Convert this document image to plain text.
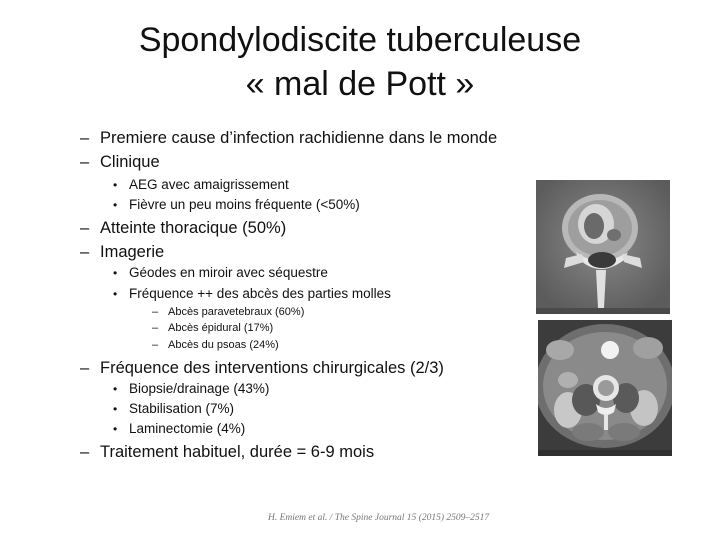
Spondylodiscite tuberculeuse
« mal de Pott »
– Premiere cause d’infection rachidienne dans le monde
– Clinique
• AEG avec amaigrissement
• Fièvre un peu moins fréquente (<50%)
– Atteinte thoracique (50%)
– Imagerie
• Géodes en miroir avec séquestre
• Fréquence ++ des abcès des parties molles
– Abcès paravetebraux (60%)
– Abcès épidural (17%)
– Abcès du psoas (24%)
– Fréquence des interventions chirurgicales (2/3)
• Biopsie/drainage (43%)
• Stabilisation (7%)
• Laminectomie (4%)
– Traitement habituel, durée = 6-9 mois
H. Emiem et al. / The Spine Journal 15 (2015) 2509–2517
